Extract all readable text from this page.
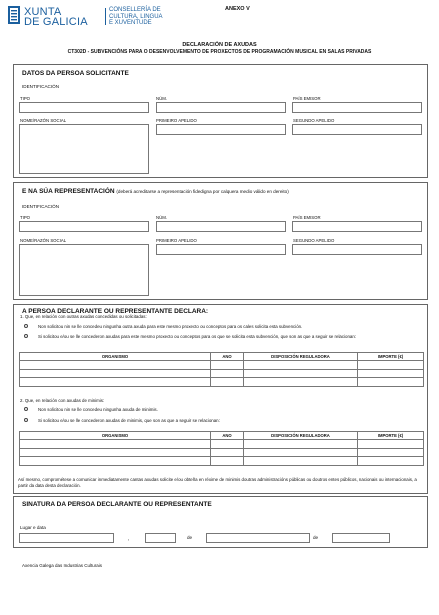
XUNTA
DE GALICIA
CONSELLERÍA DE
CULTURA, LINGUA
E XUVENTUDE
ANEXO V
DECLARACIÓN DE AXUDAS
CT302D - SUBVENCIÓNS PARA O DESENVOLVEMENTO DE PROXECTOS DE PROGRAMACIÓN MUSICAL EN SALAS PRIVADAS
DATOS DA PERSOA SOLICITANTE
IDENTIFICACIÓN
TIPO	NÚM.	PAÍS EMISOR
NOME/RAZÓN SOCIAL	PRIMEIRO APELIDO	SEGUNDO APELIDO
E NA SÚA REPRESENTACIÓN (deberá acreditarse a representación fidedigna por calquera medio válido en dereito)
IDENTIFICACIÓN
TIPO	NÚM.	PAÍS EMISOR
NOME/RAZÓN SOCIAL	PRIMEIRO APELIDO	SEGUNDO APELIDO
A PERSOA DECLARANTE OU REPRESENTANTE DECLARA:
1. Que, en relación con outras axudas concedidas ou solicitadas:
Non solicitou nin se lle concedeu ningunha outra axuda para este mesmo proxecto ou conceptos para os cales solicita esta subvención.
Si solicitou e/ou se lle concederon axudas para este mesmo proxecto ou conceptos para os que se solicita esta subvención, que son as que a seguir se relacionan:
ORGANISMO	ANO	DISPOSICIÓN REGULADORA	IMPORTE (€)

2. Que, en relación con axudas de minimis:
Non solicitou nin se lle concedeu ningunha axuda de minimis.
Si solicitou e/ou se lle concederon axudas de minimis, que son as que a seguir se relacionan:
ORGANISMO	ANO	DISPOSICIÓN REGULADORA	IMPORTE (€)

Así mesmo, comprométese a comunicar inmediatamente cantas axudas solicite e/ou obteña en réxime de minimis doutras administracións públicas ou doutros entes públicos, nacionais ou internacionais, a partir da data desta declaración.
SINATURA DA PERSOA DECLARANTE OU REPRESENTANTE
Lugar e data
,	de	de
Axencia Galega das Industrias Culturais
